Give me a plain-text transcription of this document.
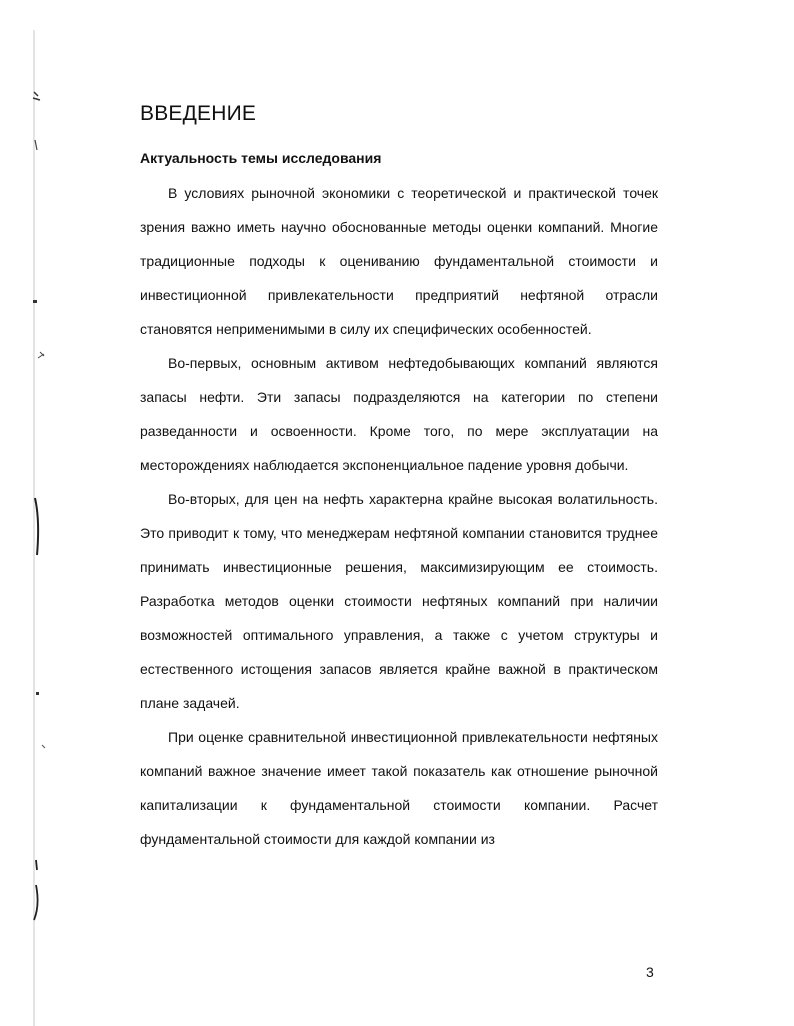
ВВЕДЕНИЕ
Актуальность темы исследования

В условиях рыночной экономики с теоретической и практической точек зрения важно иметь научно обоснованные методы оценки компаний. Многие традиционные подходы к оцениванию фундаментальной стоимости и инвестиционной привлекательности предприятий нефтяной отрасли становятся неприменимыми в силу их специфических особенностей.

Во-первых, основным активом нефтедобывающих компаний являются запасы нефти. Эти запасы подразделяются на категории по степени разведанности и освоенности. Кроме того, по мере эксплуатации на месторождениях наблюдается экспоненциальное падение уровня добычи.

Во-вторых, для цен на нефть характерна крайне высокая волатильность. Это приводит к тому, что менеджерам нефтяной компании становится труднее принимать инвестиционные решения, максимизирующим ее стоимость. Разработка методов оценки стоимости нефтяных компаний при наличии возможностей оптимального управления, а также с учетом структуры и естественного истощения запасов является крайне важной в практическом плане задачей.

При оценке сравнительной инвестиционной привлекательности нефтяных компаний важное значение имеет такой показатель как отношение рыночной капитализации к фундаментальной стоимости компании. Расчет фундаментальной стоимости для каждой компании из

3
